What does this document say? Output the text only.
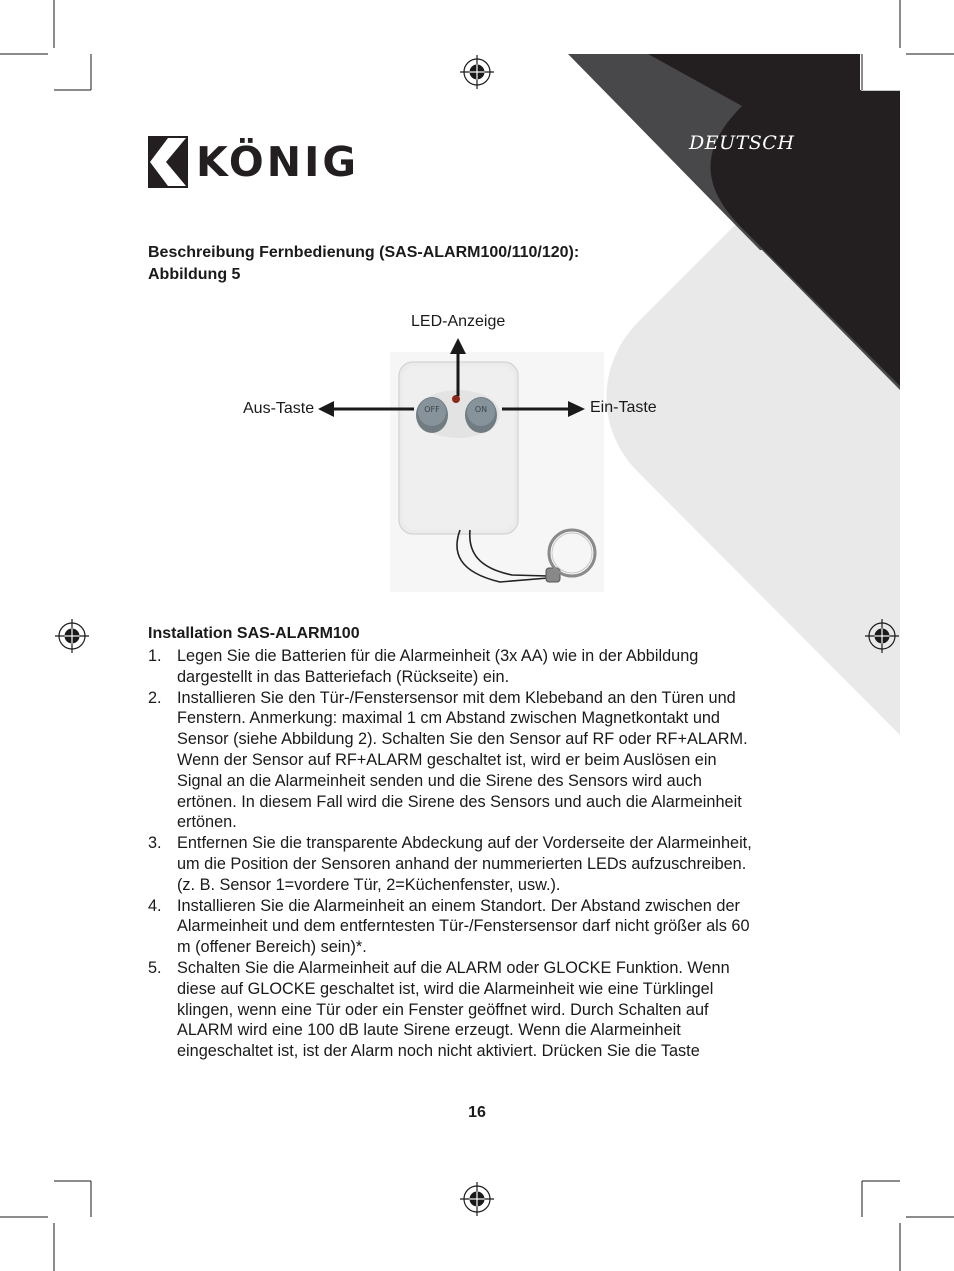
KÖNIG	DEUTSCH
Beschreibung Fernbedienung (SAS-ALARM100/110/120):
Abbildung 5
LED-Anzeige
Aus-Taste	Ein-Taste
OFF	ON
Installation SAS-ALARM100
1. Legen Sie die Batterien für die Alarmeinheit (3x AA) wie in der Abbildung dargestellt in das Batteriefach (Rückseite) ein.
2. Installieren Sie den Tür-/Fenstersensor mit dem Klebeband an den Türen und Fenstern. Anmerkung: maximal 1 cm Abstand zwischen Magnetkontakt und Sensor (siehe Abbildung 2). Schalten Sie den Sensor auf RF oder RF+ALARM. Wenn der Sensor auf RF+ALARM geschaltet ist, wird er beim Auslösen ein Signal an die Alarmeinheit senden und die Sirene des Sensors wird auch ertönen. In diesem Fall wird die Sirene des Sensors und auch die Alarmeinheit ertönen.
3. Entfernen Sie die transparente Abdeckung auf der Vorderseite der Alarmeinheit, um die Position der Sensoren anhand der nummerierten LEDs aufzuschreiben. (z. B. Sensor 1=vordere Tür, 2=Küchenfenster, usw.).
4. Installieren Sie die Alarmeinheit an einem Standort. Der Abstand zwischen der Alarmeinheit und dem entferntesten Tür-/Fenstersensor darf nicht größer als 60 m (offener Bereich) sein)*.
5. Schalten Sie die Alarmeinheit auf die ALARM oder GLOCKE Funktion. Wenn diese auf GLOCKE geschaltet ist, wird die Alarmeinheit wie eine Türklingel klingen, wenn eine Tür oder ein Fenster geöffnet wird. Durch Schalten auf ALARM wird eine 100 dB laute Sirene erzeugt. Wenn die Alarmeinheit eingeschaltet ist, ist der Alarm noch nicht aktiviert. Drücken Sie die Taste
16
